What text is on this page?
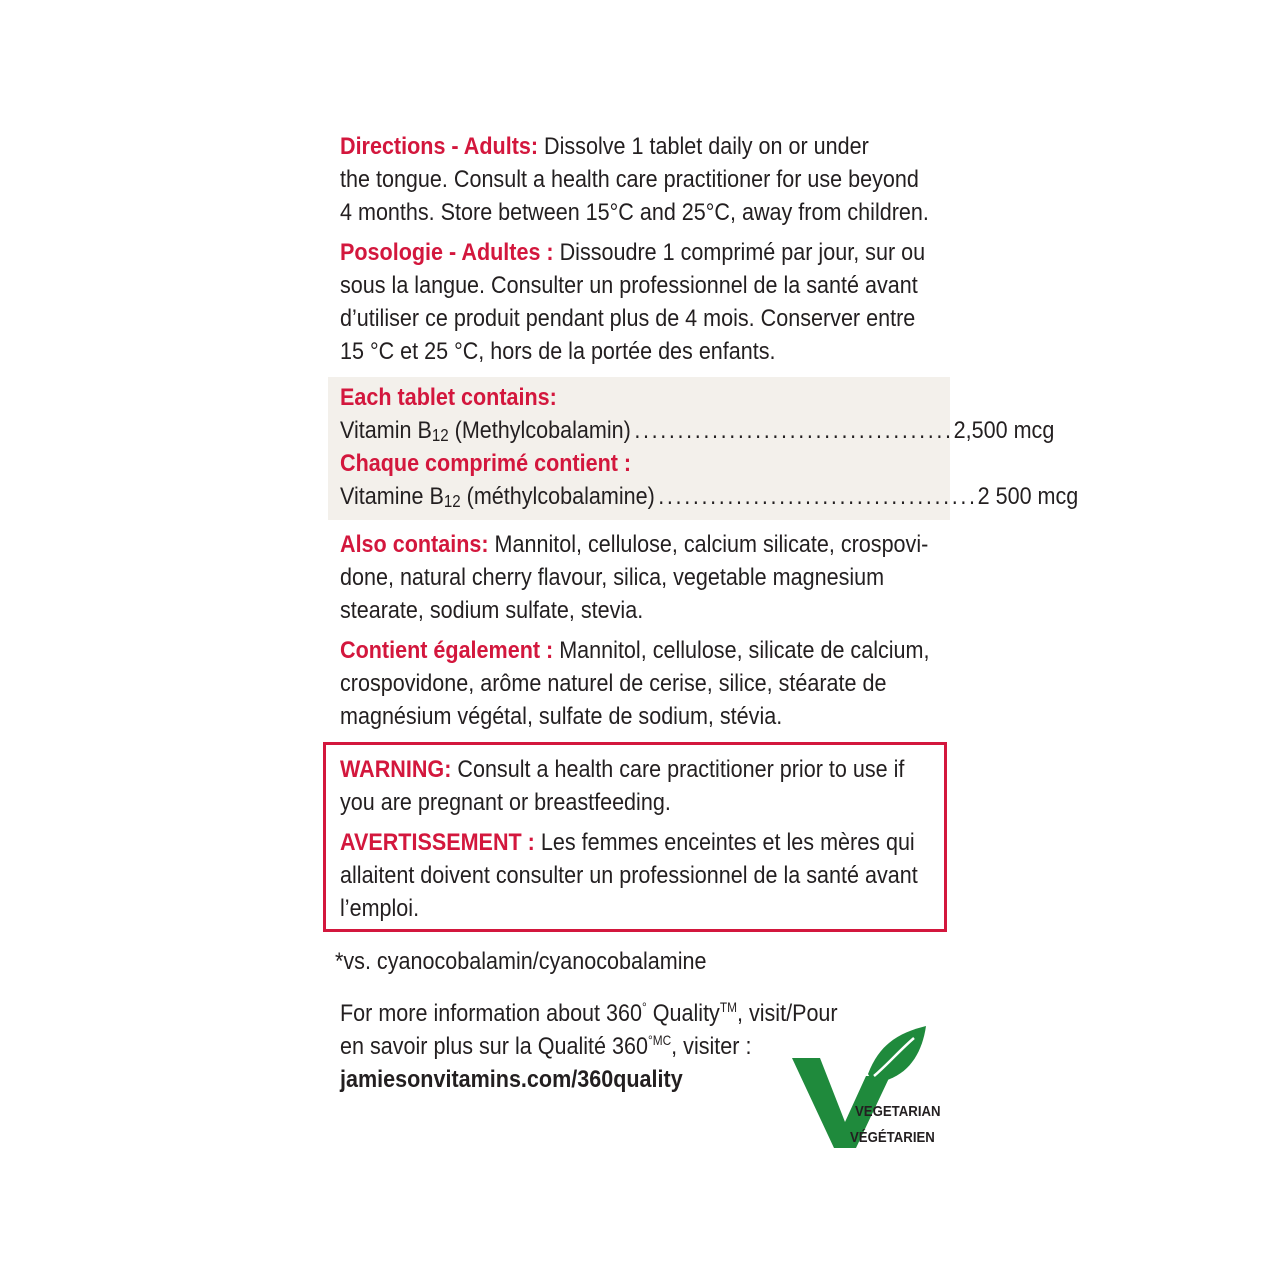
Directions - Adults: Dissolve 1 tablet daily on or under
the tongue. Consult a health care practitioner for use beyond
4 months. Store between 15°C and 25°C, away from children.
Posologie - Adultes : Dissoudre 1 comprimé par jour, sur ou
sous la langue. Consulter un professionnel de la santé avant
d’utiliser ce produit pendant plus de 4 mois. Conserver entre
15 °C et 25 °C, hors de la portée des enfants.
Each tablet contains:
Vitamin $B_{12}$ (Methylcobalamin) ..................................... 2,500 mcg
Chaque comprimé contient :
Vitamine $B_{12}$ (méthylcobalamine) ..................................... 2 500 mcg
Also contains: Mannitol, cellulose, calcium silicate, crospovi-
done, natural cherry flavour, silica, vegetable magnesium
stearate, sodium sulfate, stevia.
Contient également : Mannitol, cellulose, silicate de calcium,
crospovidone, arôme naturel de cerise, silice, stéarate de
magnésium végétal, sulfate de sodium, stévia.
WARNING: Consult a health care practitioner prior to use if
you are pregnant or breastfeeding.
AVERTISSEMENT : Les femmes enceintes et les mères qui
allaitent doivent consulter un professionnel de la santé avant
l’emploi.
*vs. cyanocobalamin/cyanocobalamine
For more information about 360° Quality™, visit/Pour
en savoir plus sur la Qualité $360^{^\circ MC}$, visiter :
jamiesonvitamins.com/360quality
VEGETARIAN
VÉGÉTARIEN
